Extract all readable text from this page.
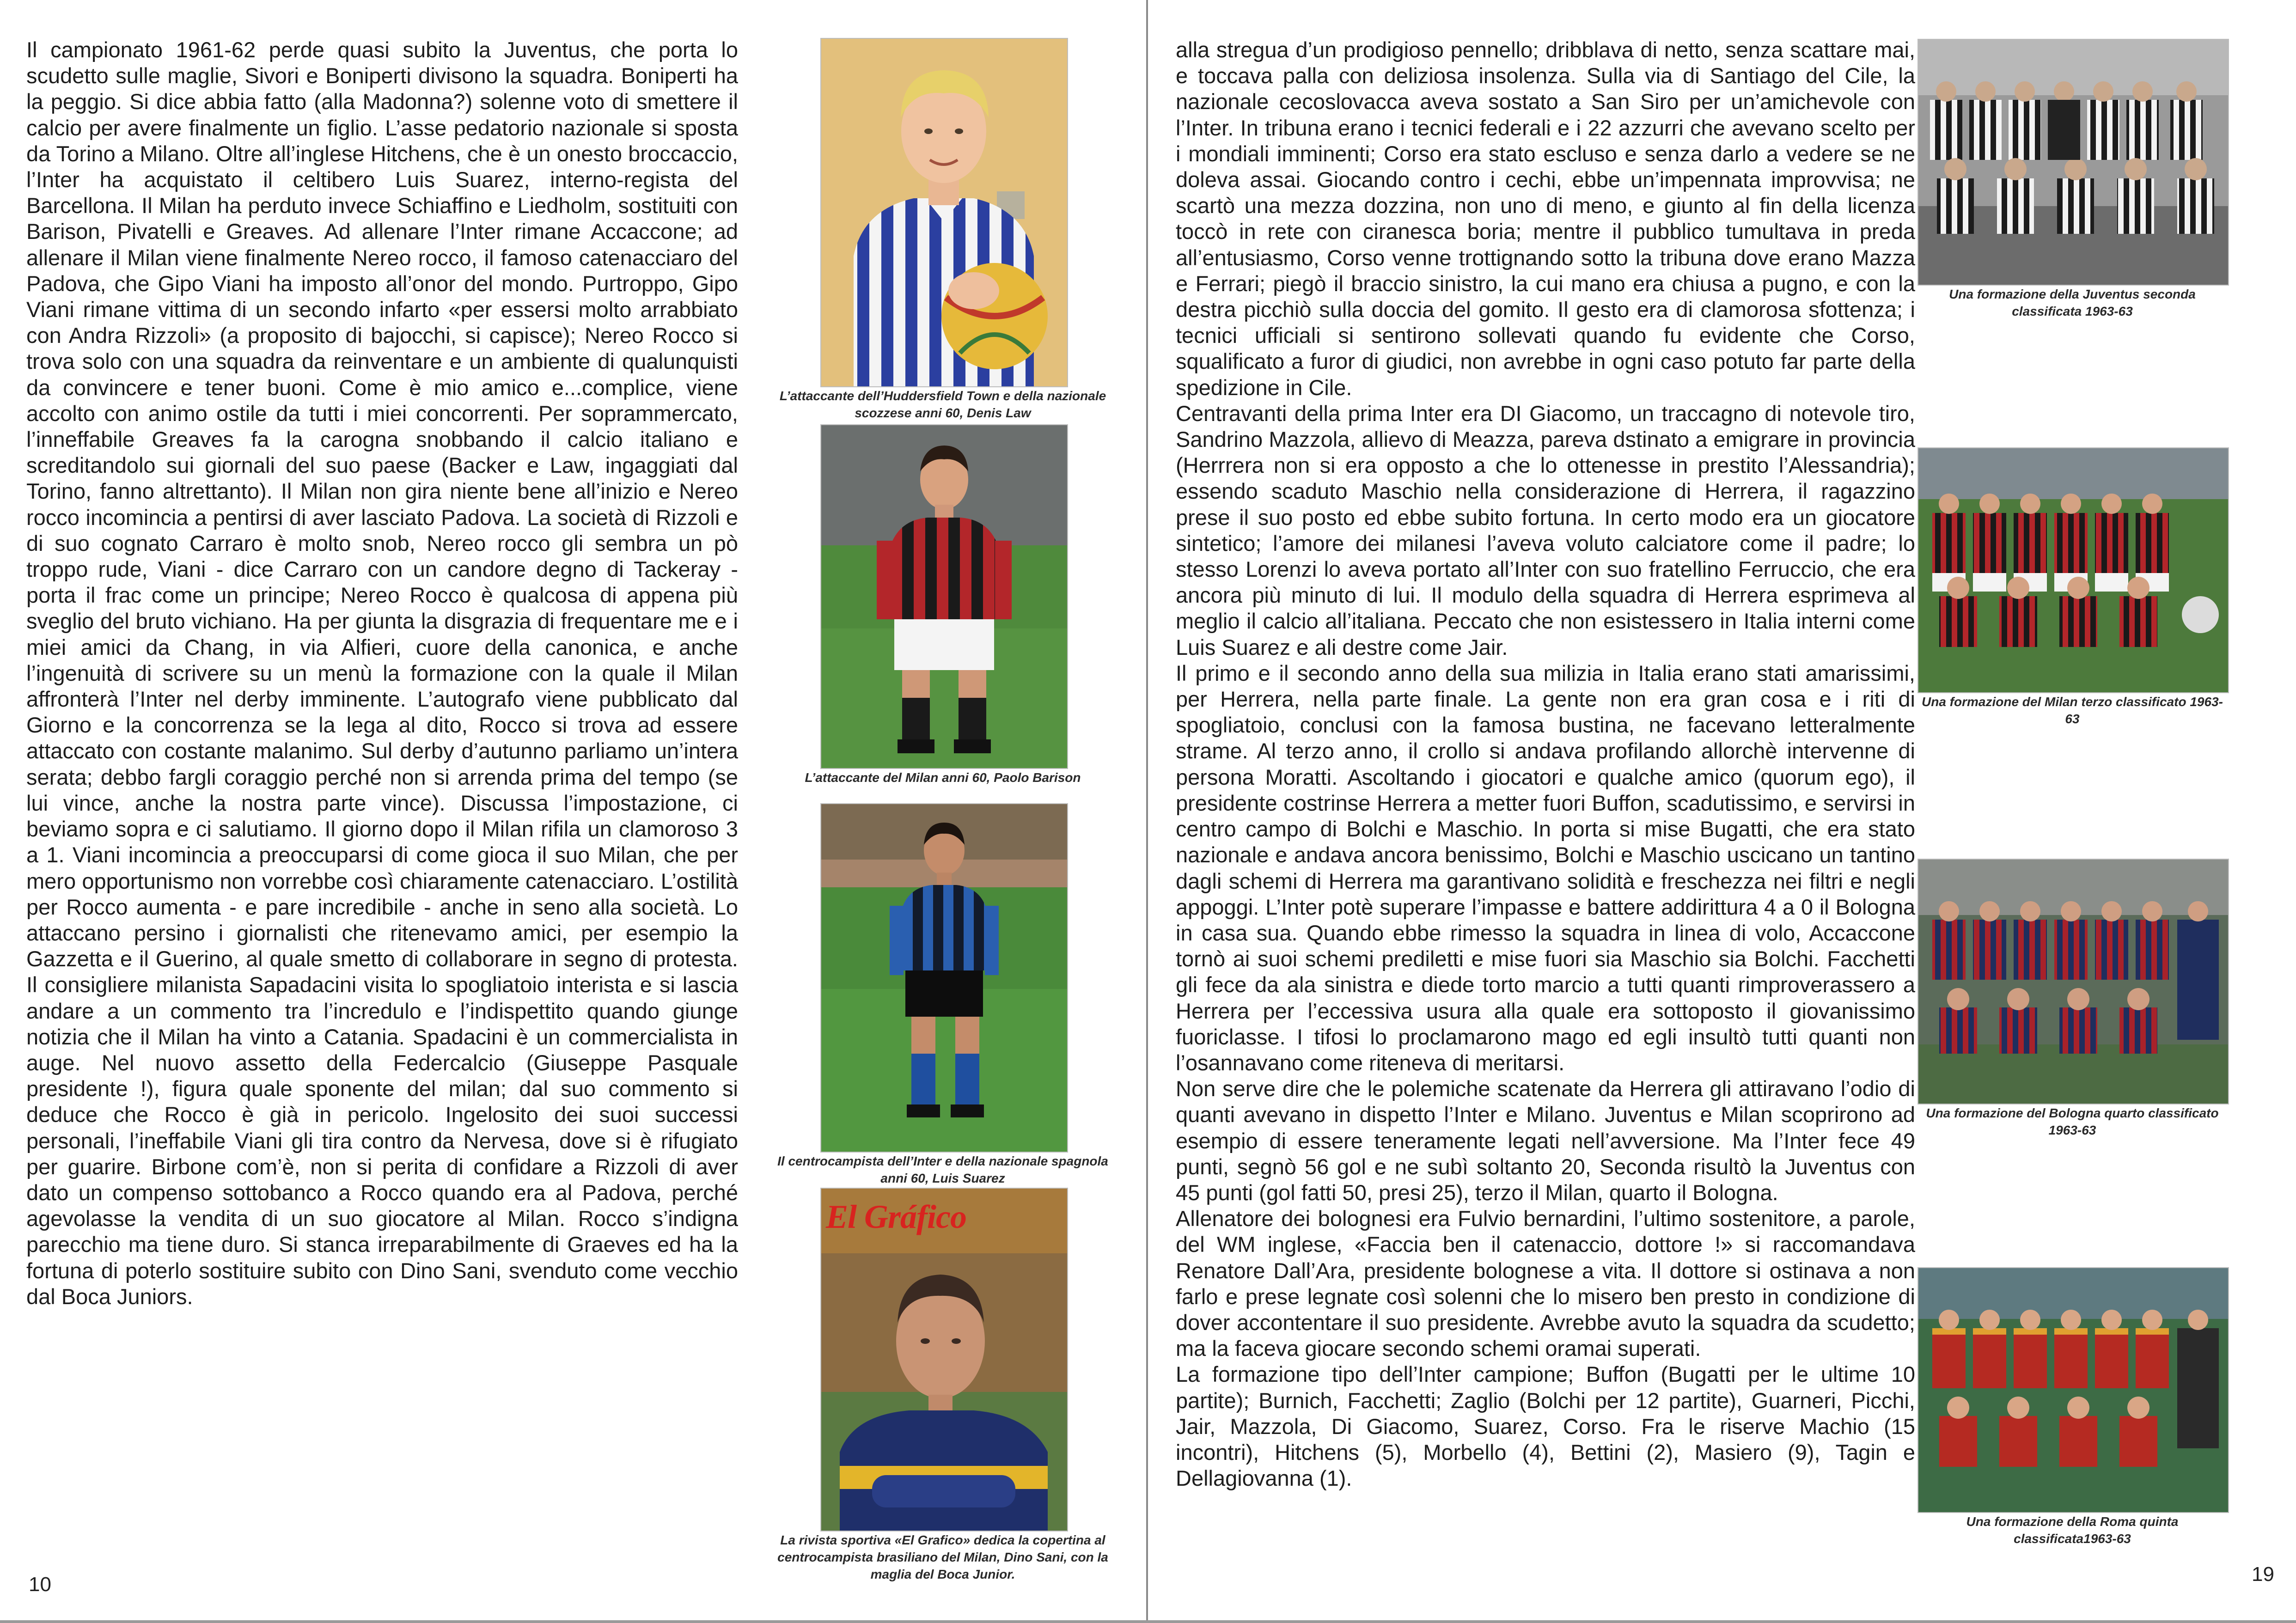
Il campionato 1961-62 perde quasi subito la Juventus, che porta lo scudetto sulle maglie, Sivori e Boniperti divisono la squadra. Boniperti ha la peggio. Si dice abbia fatto (alla Madonna?) solenne voto di smettere il calcio per avere finalmente un figlio. L’asse pedatorio nazionale si sposta da Torino a Milano. Oltre all’inglese Hitchens, che è un onesto broccaccio, l’Inter ha acquistato il celtibero Luis Suarez, interno-regista del Barcellona. Il Milan ha perduto invece Schiaffino e Liedholm, sostituiti con Barison, Pivatelli e Greaves. Ad allenare l’Inter rimane Accaccone; ad allenare il Milan viene finalmente Nereo rocco, il famoso catenacciaro del Padova, che Gipo Viani ha imposto all’onor del mondo. Purtroppo, Gipo Viani rimane vittima di un secondo infarto «per essersi molto arrabbiato con Andra Rizzoli» (a proposito di bajocchi, si capisce); Nereo Rocco si trova solo con una squadra da reinventare e un ambiente di qualunquisti da convincere e tener buoni. Come è mio amico e...complice, viene accolto con animo ostile da tutti i miei concorrenti. Per soprammercato, l’inneffabile Greaves fa la carogna snobbando il calcio italiano e screditandolo sui giornali del suo paese (Backer e Law, ingaggiati dal Torino, fanno altrettanto). Il Milan non gira niente bene all’inizio e Nereo rocco incomincia a pentirsi di aver lasciato Padova. La società di Rizzoli e di suo cognato Carraro è molto snob, Nereo rocco gli sembra un pò troppo rude, Viani - dice Carraro con un candore degno di Tackeray - porta il frac come un principe; Nereo Rocco è qualcosa di appena più sveglio del bruto vichiano. Ha per giunta la disgrazia di frequentare me e i miei amici da Chang, in via Alfieri, cuore della canonica, e anche l’ingenuità di scrivere su un menù la formazione con la quale il Milan affronterà l’Inter nel derby imminente. L’autografo viene pubblicato dal Giorno e la concorrenza se la lega al dito, Rocco si trova ad essere attaccato con costante malanimo. Sul derby d’autunno parliamo un’intera serata; debbo fargli coraggio perché non si arrenda prima del tempo (se lui vince, anche la nostra parte vince). Discussa l’impostazione, ci beviamo sopra e ci salutiamo. Il giorno dopo il Milan rifila un clamoroso 3 a 1. Viani incomincia a preoccuparsi di come gioca il suo Milan, che per mero opportunismo non vorrebbe così chiaramente catenacciaro. L’ostilità per Rocco aumenta - e pare incredibile - anche in seno alla società. Lo attaccano persino i giornalisti che ritenevamo amici, per esempio la Gazzetta e il Guerino, al quale smetto di collaborare in segno di protesta. Il consigliere milanista Sapadacini visita lo spogliatoio interista e si lascia andare a un commento tra l’incredulo e l’indispettito quando giunge notizia che il Milan ha vinto a Catania. Spadacini è un commercialista in auge. Nel nuovo assetto della Federcalcio (Giuseppe Pasquale presidente !), figura quale sponente del milan; dal suo commento si deduce che Rocco è già in pericolo. Ingelosito dei suoi successi personali, l’ineffabile Viani gli tira contro da Nervesa, dove si è rifugiato per guarire. Birbone com’è, non si perita di confidare a Rizzoli di aver dato un compenso sottobanco a Rocco quando era al Padova, perché agevolasse la vendita di un suo giocatore al Milan. Rocco s’indigna parecchio ma tiene duro. Si stanca irreparabilmente di Graeves ed ha la fortuna di poterlo sostituire subito con Dino Sani, svenduto come vecchio dal Boca Juniors.

L’attaccante dell’Huddersfield Town e della nazionale scozzese anni 60, Denis Law
L’attaccante del Milan anni 60, Paolo Barison
Il centrocampista dell’Inter e della nazionale spagnola anni 60, Luis Suarez
El Gráfico
La rivista sportiva «El Grafico» dedica la copertina al centrocampista brasiliano del Milan, Dino Sani, con la maglia del Boca Junior.
10

alla stregua d’un prodigioso pennello; dribblava di netto, senza scattare mai, e toccava palla con deliziosa insolenza. Sulla via di Santiago del Cile, la nazionale cecoslovacca aveva sostato a San Siro per un’amichevole con l’Inter. In tribuna erano i tecnici federali e i 22 azzurri che avevano scelto per i mondiali imminenti; Corso era stato escluso e senza darlo a vedere se ne doleva assai. Giocando contro i cechi, ebbe un’impennata improvvisa; ne scartò una mezza dozzina, non uno di meno, e giunto al fin della licenza toccò in rete con ciranesca boria; mentre il pubblico tumultava in preda all’entusiasmo, Corso venne trottignando sotto la tribuna dove erano Mazza e Ferrari; piegò il braccio sinistro, la cui mano era chiusa a pugno, e con la destra picchiò sulla doccia del gomito. Il gesto era di clamorosa sfottenza; i tecnici ufficiali si sentirono sollevati quando fu evidente che Corso, squalificato a furor di giudici, non avrebbe in ogni caso potuto far parte della spedizione in Cile.

Centravanti della prima Inter era DI Giacomo, un traccagno di notevole tiro, Sandrino Mazzola, allievo di Meazza, pareva dstinato a emigrare in provincia (Herrrera non si era opposto a che lo ottenesse in prestito l’Alessandria); essendo scaduto Maschio nella considerazione di Herrera, il ragazzino prese il suo posto ed ebbe subito fortuna. In certo modo era un giocatore sintetico; l’amore dei milanesi l’aveva voluto calciatore come il padre; lo stesso Lorenzi lo aveva portato all’Inter con suo fratellino Ferruccio, che era ancora più minuto di lui. Il modulo della squadra di Herrera esprimeva al meglio il calcio all’italiana. Peccato che non esistessero in Italia interni come Luis Suarez e ali destre come Jair.

Il primo e il secondo anno della sua milizia in Italia erano stati amarissimi, per Herrera, nella parte finale. La gente non era gran cosa e i riti di spogliatoio, conclusi con la famosa bustina, ne facevano letteralmente strame. Al terzo anno, il crollo si andava profilando allorchè intervenne di persona Moratti. Ascoltando i giocatori e qualche amico (quorum ego), il presidente costrinse Herrera a metter fuori Buffon, scadutissimo, e servirsi in centro campo di Bolchi e Maschio. In porta si mise Bugatti, che era stato nazionale e andava ancora benissimo, Bolchi e Maschio uscicano un tantino dagli schemi di Herrera ma garantivano solidità e freschezza nei filtri e negli appoggi. L’Inter potè superare l’impasse e battere addirittura 4 a 0 il Bologna in casa sua. Quando ebbe rimesso la squadra in linea di volo, Accaccone tornò ai suoi schemi prediletti e mise fuori sia Maschio sia Bolchi. Facchetti gli fece da ala sinistra e diede torto marcio a tutti quanti rimproverassero a Herrera per l’eccessiva usura alla quale era sottoposto il giovanissimo fuoriclasse. I tifosi lo proclamarono mago ed egli insultò tutti quanti non l’osannavano come riteneva di meritarsi.

Non serve dire che le polemiche scatenate da Herrera gli attiravano l’odio di quanti avevano in dispetto l’Inter e Milano. Juventus e Milan scoprirono ad esempio di essere teneramente legati nell’avversione. Ma l’Inter fece 49 punti, segnò 56 gol e ne subì soltanto 20, Seconda risultò la Juventus con 45 punti (gol fatti 50, presi 25), terzo il Milan, quarto il Bologna.

Allenatore dei bolognesi era Fulvio bernardini, l’ultimo sostenitore, a parole, del WM inglese, «Faccia ben il catenaccio, dottore !» si raccomandava Renatore Dall’Ara, presidente bolognese a vita. Il dottore si ostinava a non farlo e prese legnate così solenni che lo misero ben presto in condizione di dover accontentare il suo presidente. Avrebbe avuto la squadra da scudetto; ma la faceva giocare secondo schemi oramai superati.

La formazione tipo dell’Inter campione; Buffon (Bugatti per le ultime 10 partite); Burnich, Facchetti; Zaglio (Bolchi per 12 partite), Guarneri, Picchi, Jair, Mazzola, Di Giacomo, Suarez, Corso. Fra le riserve Machio (15 incontri), Hitchens (5), Morbello (4), Bettini (2), Masiero (9), Tagin e Dellagiovanna (1).

Una formazione della Juventus seconda classificata 1963-63
Una formazione del Milan terzo classificato 1963-63
Una formazione del Bologna quarto classificato 1963-63
Una formazione della Roma quinta classificata1963-63
19
